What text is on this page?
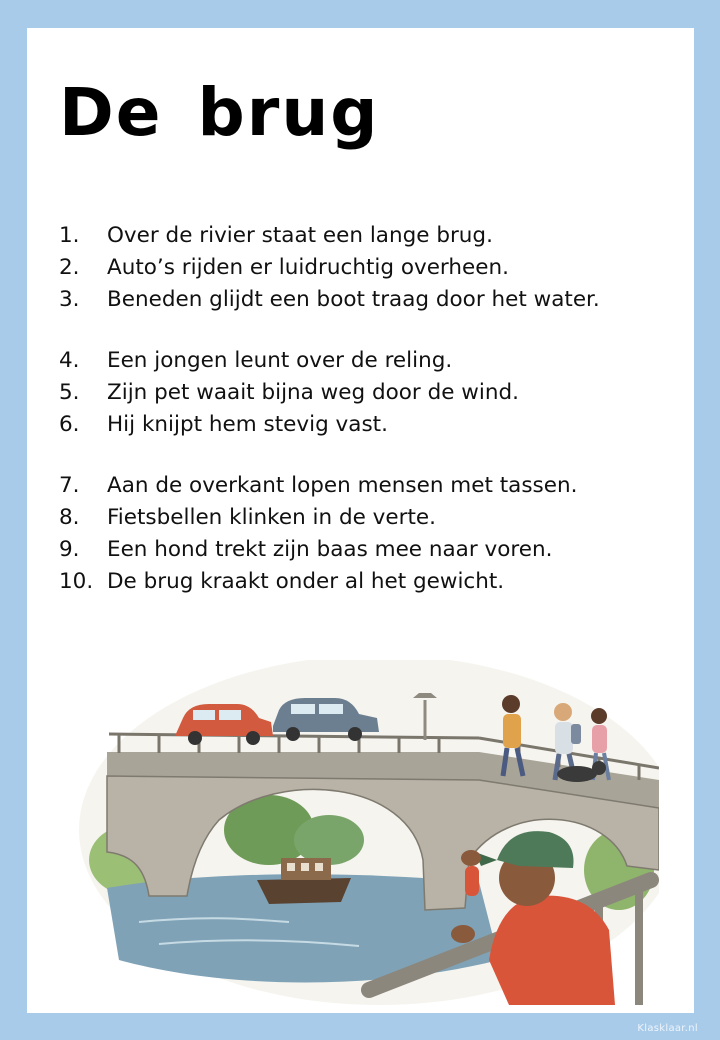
De brug
1.	Over de rivier staat een lange brug.
2.	Auto’s rijden er luidruchtig overheen.
3.	Beneden glijdt een boot traag door het water.
4.	Een jongen leunt over de reling.
5.	Zijn pet waait bijna weg door de wind.
6.	Hij knijpt hem stevig vast.
7.	Aan de overkant lopen mensen met tassen.
8.	Fietsbellen klinken in de verte.
9.	Een hond trekt zijn baas mee naar voren.
10. De brug kraakt onder al het gewicht.
Klasklaar.nl
